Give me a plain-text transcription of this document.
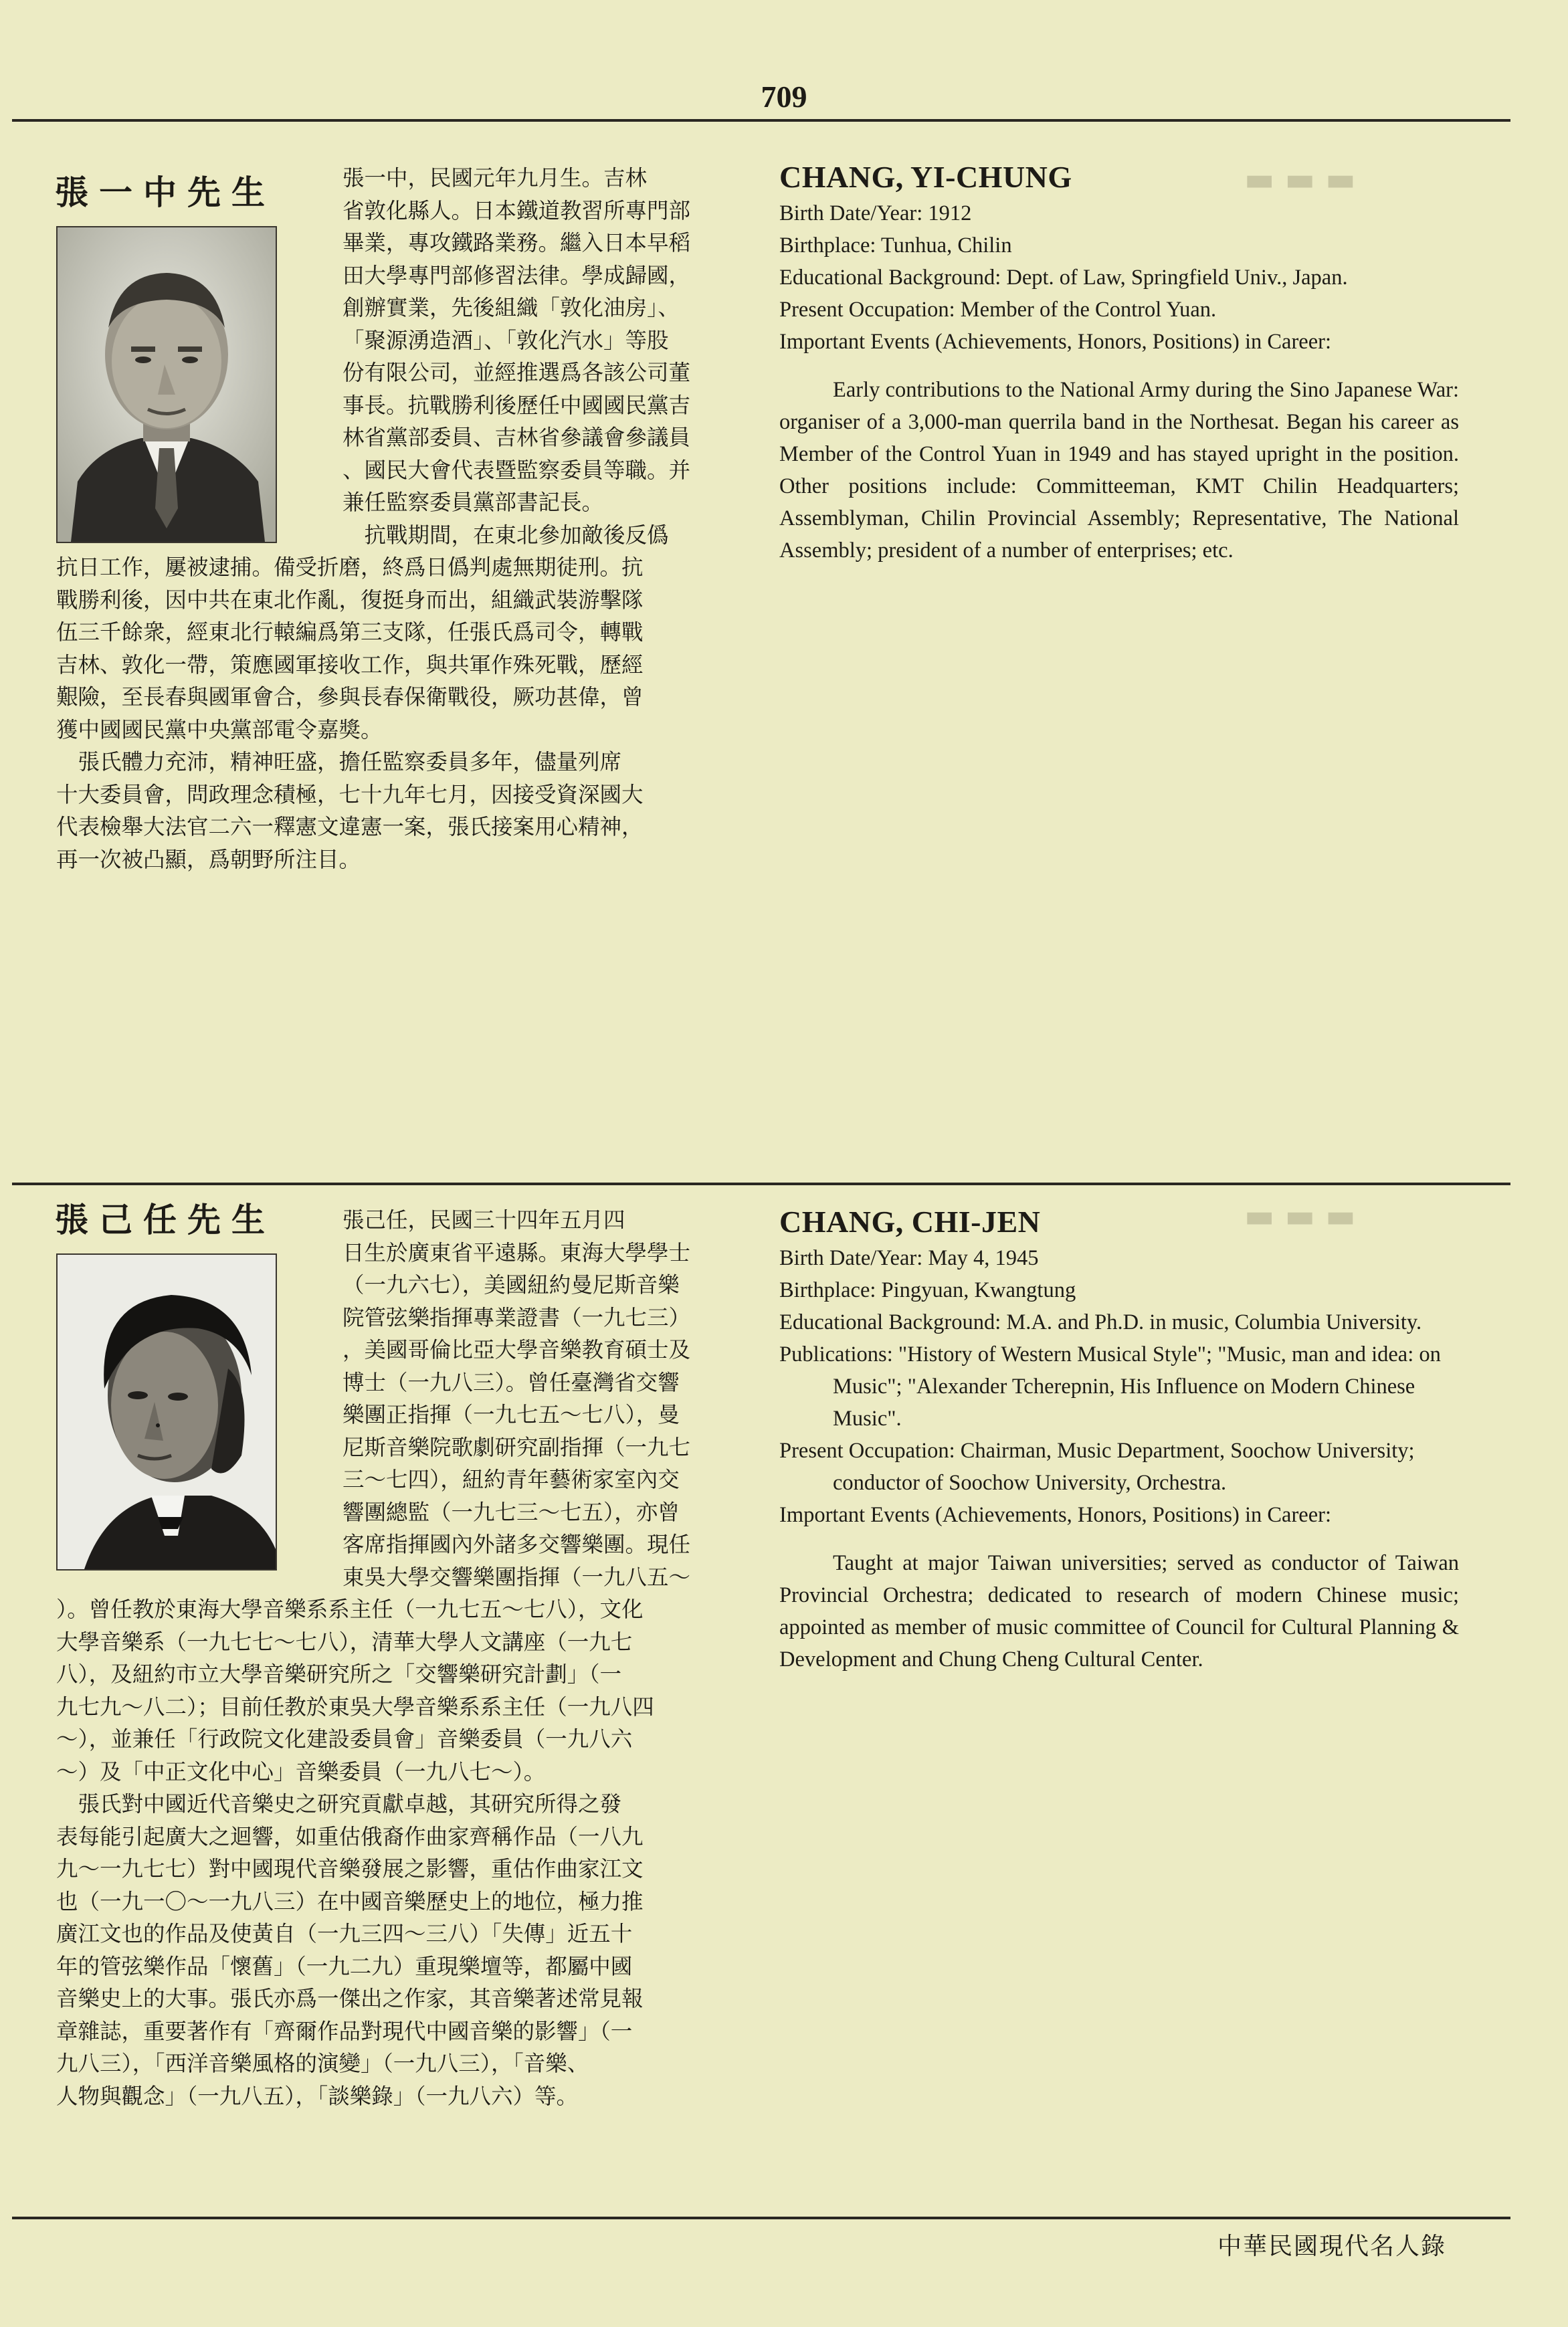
709
▬ ▬ ▬
張一中先生	張一中，民國元年九月生。吉林
省敦化縣人。日本鐵道教習所專門部
畢業，專攻鐵路業務。繼入日本早稻
田大學專門部修習法律。學成歸國，
創辦實業，先後組織「敦化油房」、
「聚源湧造酒」、「敦化汽水」等股
份有限公司，並經推選爲各該公司董
事長。抗戰勝利後歷任中國國民黨吉
林省黨部委員、吉林省參議會參議員
、國民大會代表暨監察委員等職。并
兼任監察委員黨部書記長。
　抗戰期間，在東北參加敵後反僞
抗日工作，屢被逮捕。備受折磨，終爲日僞判處無期徒刑。抗
戰勝利後，因中共在東北作亂，復挺身而出，組織武裝游擊隊
伍三千餘衆，經東北行轅編爲第三支隊，任張氏爲司令，轉戰
吉林、敦化一帶，策應國軍接收工作，與共軍作殊死戰，歷經
艱險，至長春與國軍會合，參與長春保衛戰役，厥功甚偉，曾
獲中國國民黨中央黨部電令嘉獎。
　張氏體力充沛，精神旺盛，擔任監察委員多年，儘量列席
十大委員會，問政理念積極，七十九年七月，因接受資深國大
代表檢舉大法官二六一釋憲文違憲一案，張氏接案用心精神，
再一次被凸顯，爲朝野所注目。

CHANG, YI-CHUNG

Birth Date/Year: 1912

Birthplace: Tunhua, Chilin

Educational Background: Dept. of Law, Springfield Univ., Japan.

Present Occupation: Member of the Control Yuan.

Important Events (Achievements, Honors, Positions) in Career:

Early contributions to the National Army during the Sino Japanese War: organiser of a 3,000-man querrila band in the Northesat. Began his career as Member of the Control Yuan in 1949 and has stayed upright in the position. Other positions include: Committeeman, KMT Chilin Headquarters; Assemblyman, Chilin Provincial Assembly; Representative, The National Assembly; president of a number of enterprises; etc.

張己任先生	張己任，民國三十四年五月四
日生於廣東省平遠縣。東海大學學士
（一九六七），美國紐約曼尼斯音樂
院管弦樂指揮專業證書（一九七三）
，美國哥倫比亞大學音樂教育碩士及
博士（一九八三）。曾任臺灣省交響
樂團正指揮（一九七五～七八），曼
尼斯音樂院歌劇研究副指揮（一九七
三～七四），紐約青年藝術家室內交
響團總監（一九七三～七五），亦曾
客席指揮國內外諸多交響樂團。現任
東吳大學交響樂團指揮（一九八五～
）。曾任教於東海大學音樂系系主任（一九七五～七八），文化
大學音樂系（一九七七～七八），清華大學人文講座（一九七
八），及紐約市立大學音樂研究所之「交響樂研究計劃」（一
九七九～八二）；目前任教於東吳大學音樂系系主任（一九八四
～），並兼任「行政院文化建設委員會」音樂委員（一九八六
～）及「中正文化中心」音樂委員（一九八七～）。
　張氏對中國近代音樂史之研究貢獻卓越，其研究所得之發
表每能引起廣大之迴響，如重估俄裔作曲家齊稱作品（一八九
九～一九七七）對中國現代音樂發展之影響，重估作曲家江文
也（一九一〇～一九八三）在中國音樂歷史上的地位，極力推
廣江文也的作品及使黃自（一九三四～三八）「失傳」近五十
年的管弦樂作品「懷舊」（一九二九）重現樂壇等，都屬中國
音樂史上的大事。張氏亦爲一傑出之作家，其音樂著述常見報
章雜誌，重要著作有「齊爾作品對現代中國音樂的影響」（一
九八三），「西洋音樂風格的演變」（一九八三），「音樂、
人物與觀念」（一九八五），「談樂錄」（一九八六）等。

CHANG, CHI-JEN

Birth Date/Year: May 4, 1945

Birthplace: Pingyuan, Kwangtung

Educational Background: M.A. and Ph.D. in music, Columbia University.

Publications: "History of Western Musical Style"; "Music, man and idea: on Music"; "Alexander Tcherepnin, His Influence on Modern Chinese Music".

Present Occupation: Chairman, Music Department, Soochow University; conductor of Soochow University, Orchestra.

Important Events (Achievements, Honors, Positions) in Career:

Taught at major Taiwan universities; served as conductor of Taiwan Provincial Orchestra; dedicated to research of modern Chinese music; appointed as member of music committee of Council for Cultural Planning & Development and Chung Cheng Cultural Center.

▬ ▬ ▬
中華民國現代名人錄
